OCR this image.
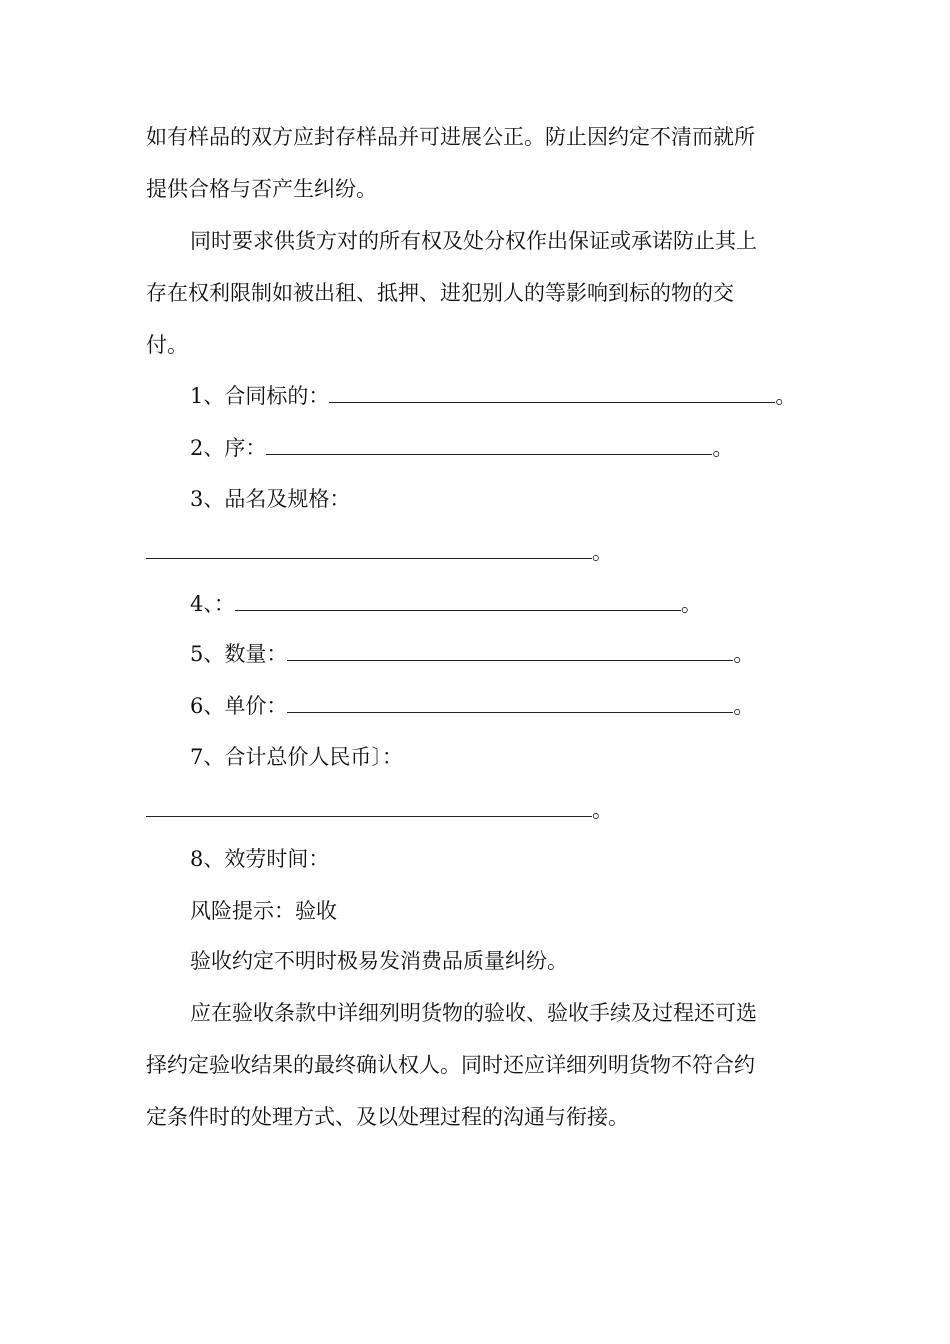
如有样品的双方应封存样品并可进展公正。防止因约定不清而就所
提供合格与否产生纠纷。
同时要求供货方对的所有权及处分权作出保证或承诺防止其上
存在权利限制如被出租、抵押、进犯别人的等影响到标的物的交
付。
1、合同标的：	。
2、序：	。
3、品名及规格：
。
4、：	。
5、数量：	。
6、单价：	。
7、合计总价人民币〕：
。
8、效劳时间：
风险提示：验收
验收约定不明时极易发消费品质量纠纷。
应在验收条款中详细列明货物的验收、验收手续及过程还可选
择约定验收结果的最终确认权人。同时还应详细列明货物不符合约
定条件时的处理方式、及以处理过程的沟通与衔接。
